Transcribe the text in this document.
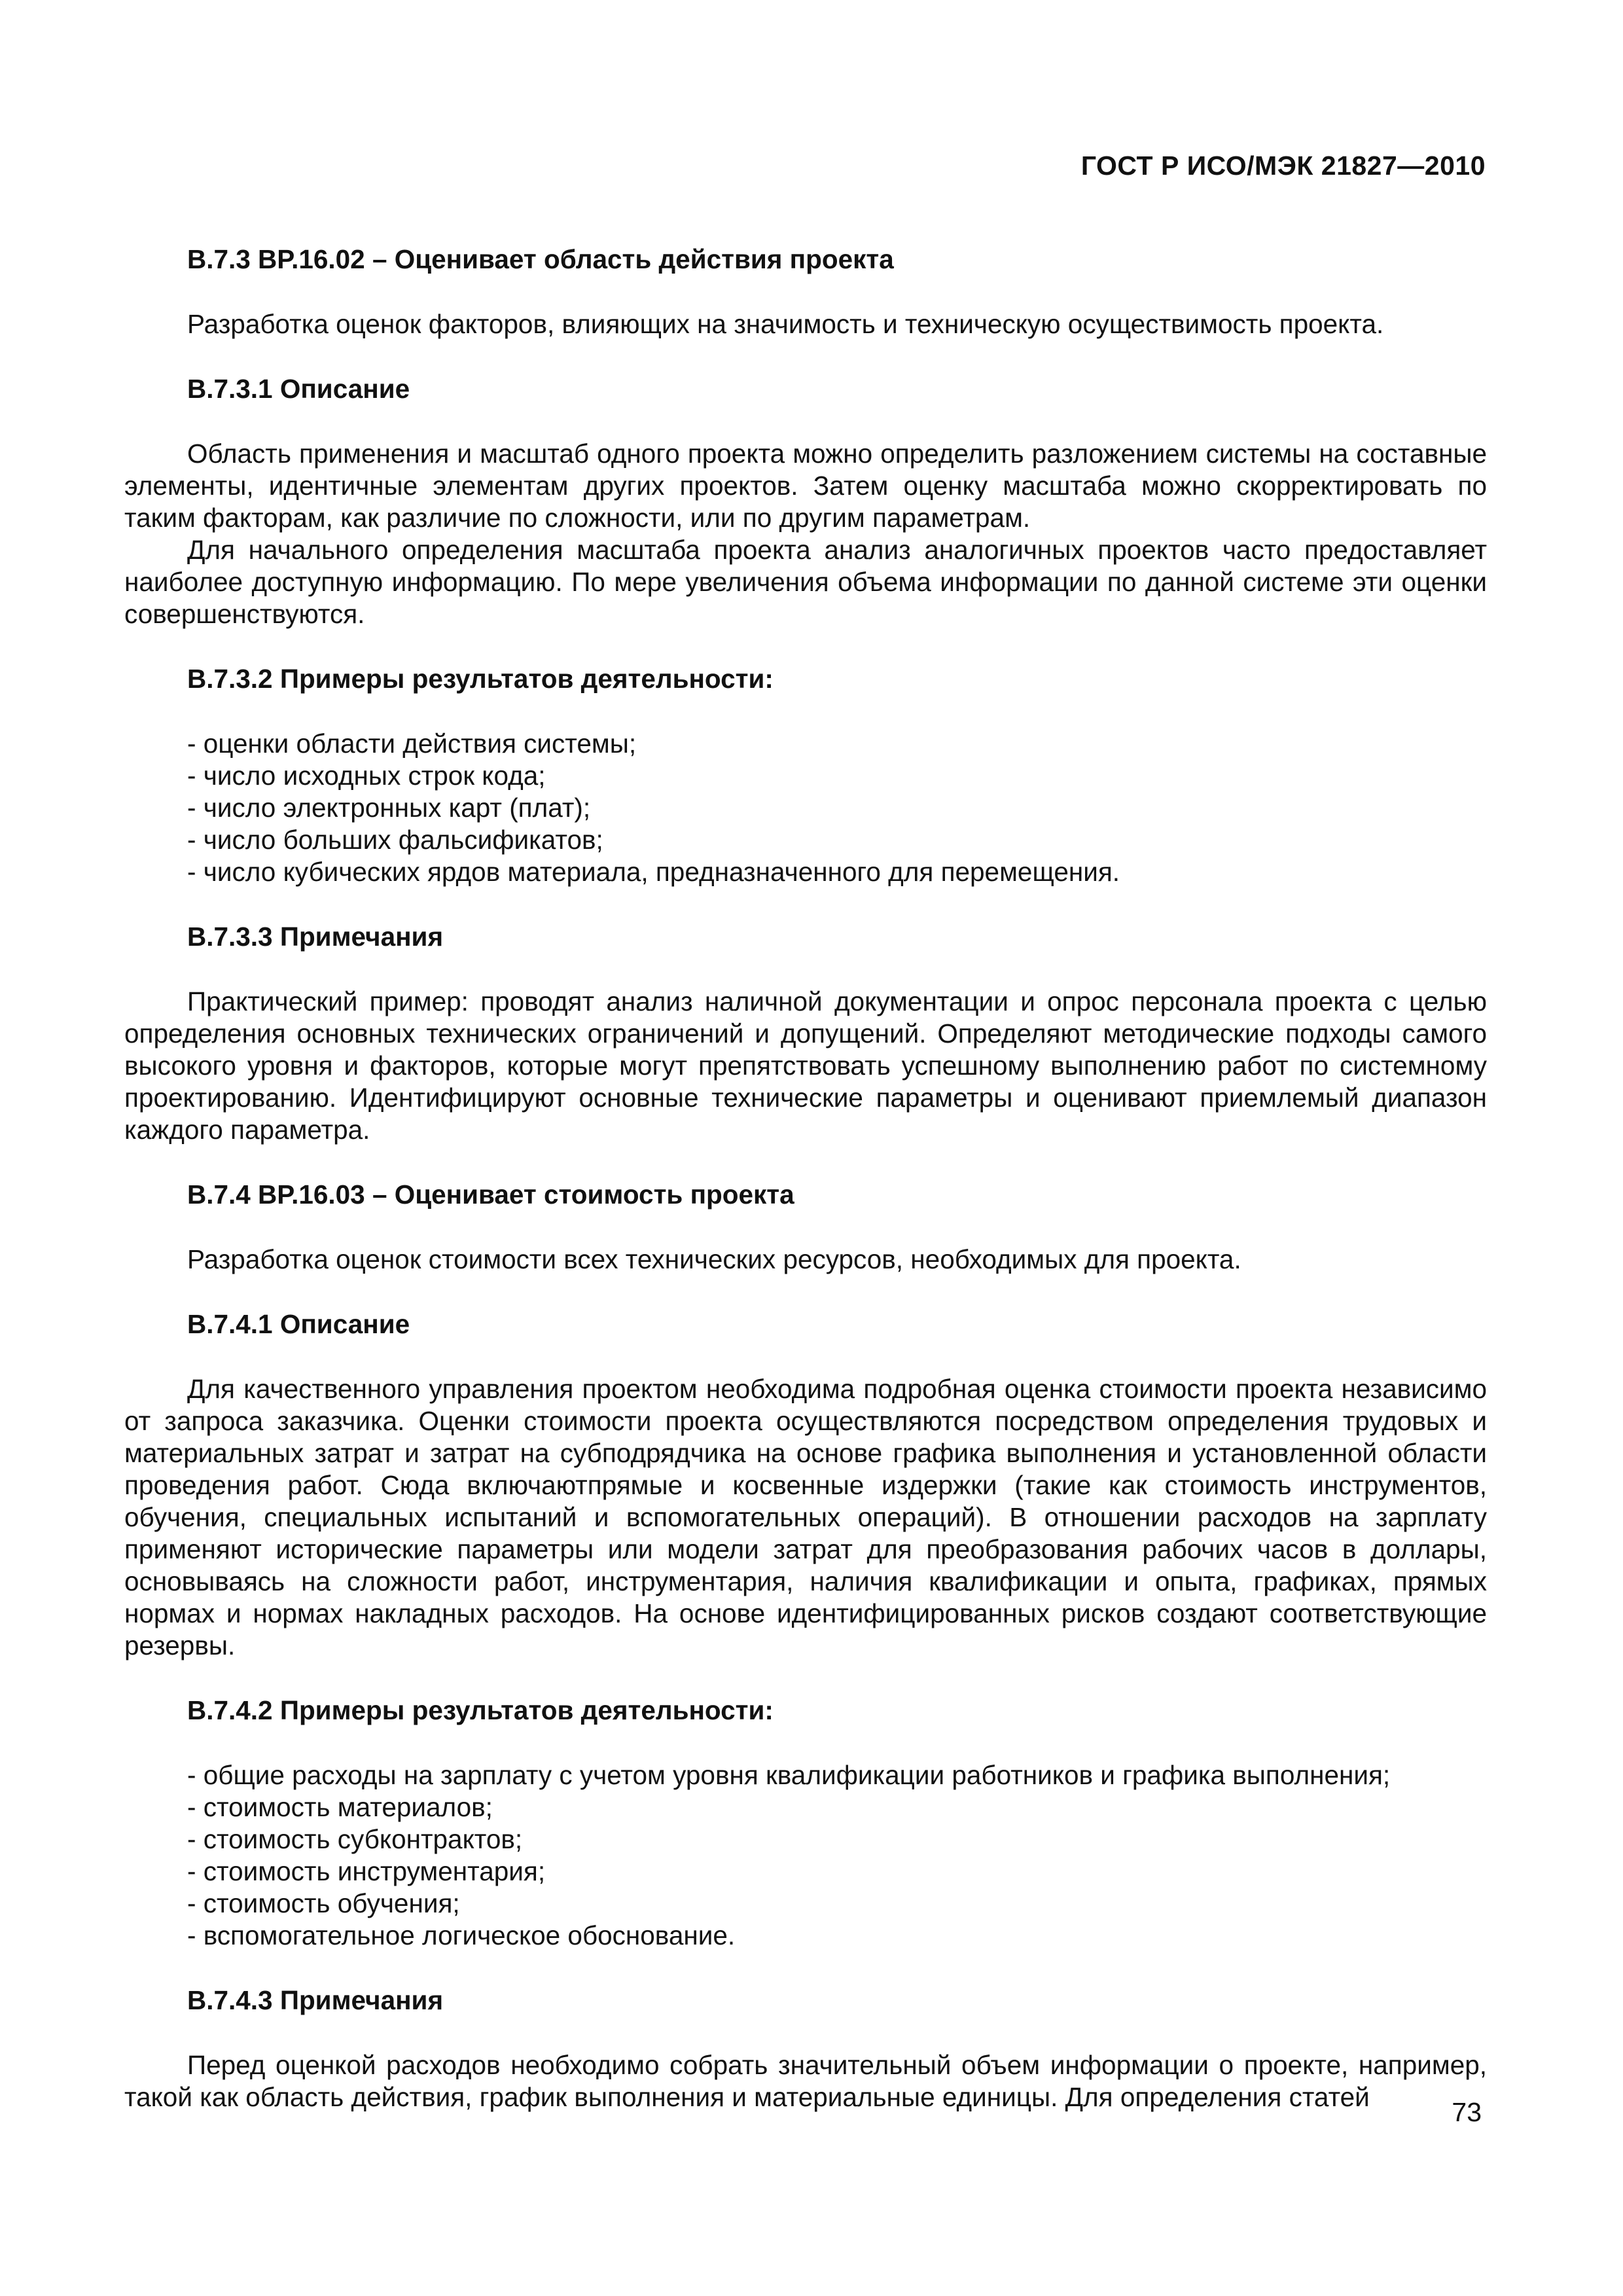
ГОСТ Р ИСО/МЭК 21827—2010

В.7.3 BP.16.02 – Оценивает область действия проекта

Разработка оценок факторов, влияющих на значимость и техническую осуществимость проекта.

В.7.3.1 Описание

Область применения и масштаб одного проекта можно определить разложением системы на составные элементы, идентичные элементам других проектов. Затем оценку масштаба можно скорректировать по таким факторам, как различие по сложности, или по другим параметрам.

Для начального определения масштаба проекта анализ аналогичных проектов часто предоставляет наиболее доступную информацию. По мере увеличения объема информации по данной системе эти оценки совершенствуются.

В.7.3.2 Примеры результатов деятельности:

- оценки области действия системы;
- число исходных строк кода;
- число электронных карт (плат);
- число больших фальсификатов;
- число кубических ярдов материала, предназначенного для перемещения.

В.7.3.3 Примечания

Практический пример: проводят анализ наличной документации и опрос персонала проекта с целью определения основных технических ограничений и допущений. Определяют методические подходы самого высокого уровня и факторов, которые могут препятствовать успешному выполнению работ по системному проектированию. Идентифицируют основные технические параметры и оценивают приемлемый диапазон каждого параметра.

В.7.4 BP.16.03 – Оценивает стоимость проекта

Разработка оценок стоимости всех технических ресурсов, необходимых для проекта.

В.7.4.1 Описание

Для качественного управления проектом необходима подробная оценка стоимости проекта независимо от запроса заказчика. Оценки стоимости проекта осуществляются посредством определения трудовых и материальных затрат и затрат на субподрядчика на основе графика выполнения и установленной области проведения работ. Сюда включаютпрямые и косвенные издержки (такие как стоимость инструментов, обучения, специальных испытаний и вспомогательных операций). В отношении расходов на зарплату применяют исторические параметры или модели затрат для преобразования рабочих часов в доллары, основываясь на сложности работ, инструментария, наличия квалификации и опыта, графиках, прямых нормах и нормах накладных расходов. На основе идентифицированных рисков создают соответствующие резервы.

В.7.4.2 Примеры результатов деятельности:

- общие расходы на зарплату с учетом уровня квалификации работников и графика выполнения;
- стоимость материалов;
- стоимость субконтрактов;
- стоимость инструментария;
- стоимость обучения;
- вспомогательное логическое обоснование.

В.7.4.3 Примечания

Перед оценкой расходов необходимо собрать значительный объем информации о проекте, например, такой как область действия, график выполнения и материальные единицы. Для определения статей	73
